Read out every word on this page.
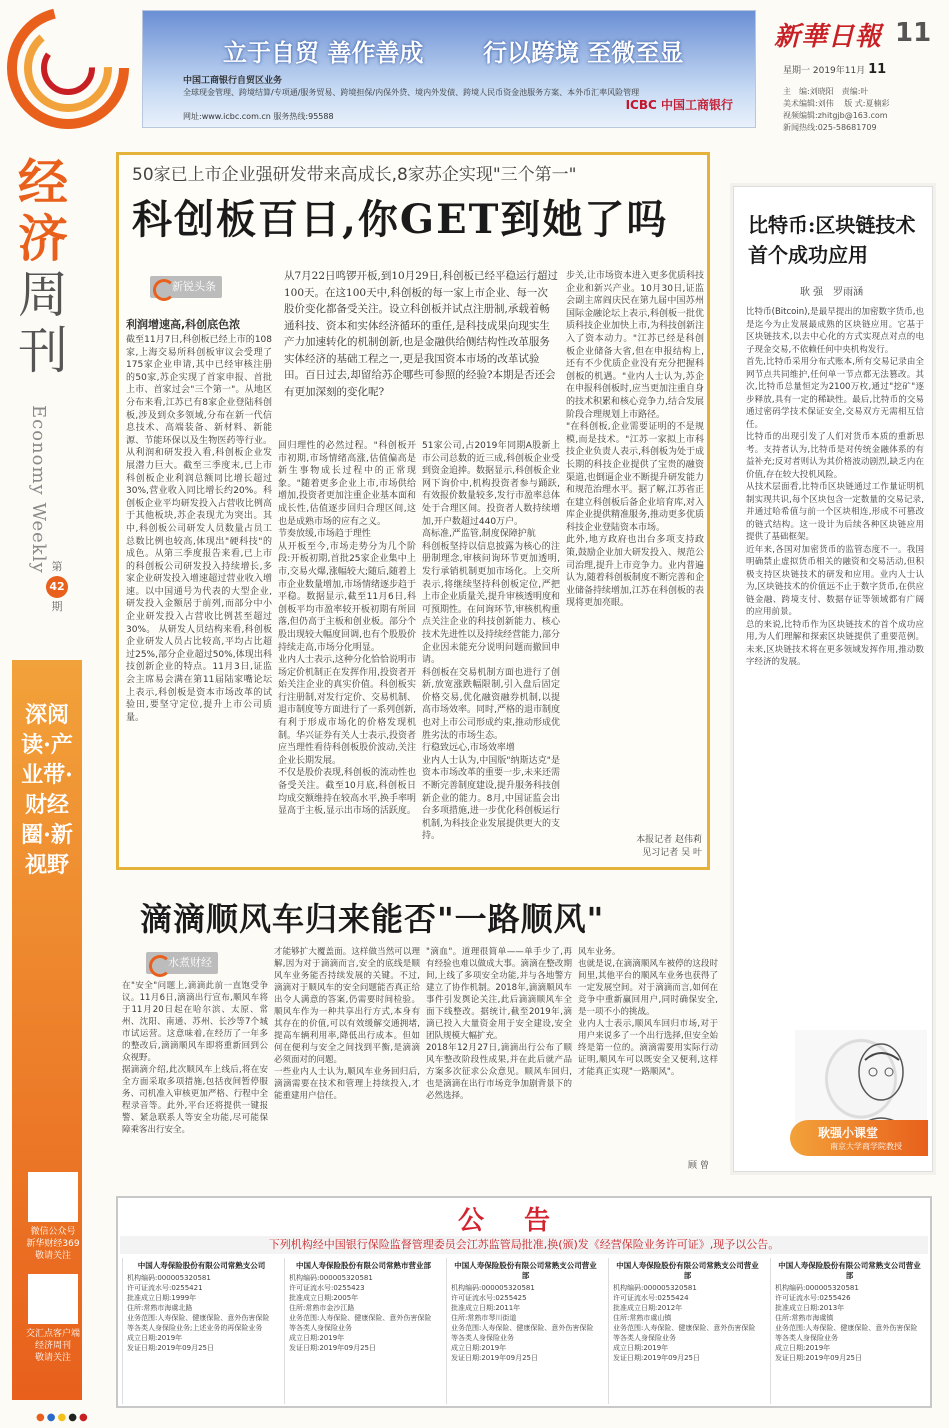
经济
周刊
Economy Weekly 第
42
期
深阅读·产业带·财经圈·新视野
微信公众号
新华财经369
敬请关注
交汇点客户端
经济周刊
敬请关注
立于自贸 善作善成 行以跨境 至微至显
中国工商银行自贸区业务
全球现金管理、跨境结算/专项通/服务贸易、跨境担保/内保外贷、境内外发债、跨境人民币资金池服务方案、本外币汇率风险管理
网址:www.icbc.com.cn 服务热线:95588
ICBC 中国工商银行
新華日報 11
星期一 2019年11月 11
主　编:刘晓阳　责编:叶
美术编辑:刘伟 　版 式:夏楠彩
视频编辑:zhitgjb@163.com
新闻热线:025-58681709
50家已上市企业强研发带来高成长,8家苏企实现"三个第一"
科创板百日,你GET到她了吗
新锐头条
从7月22日鸣锣开板,到10月29日,科创板已经平稳运行超过100天。在这100天中,科创板的每一家上市企业、每一次股价变化都备受关注。设立科创板并试点注册制,承载着畅通科技、资本和实体经济循环的重任,是科技成果向现实生产力加速转化的机制创新,也是金融供给侧结构性改革服务实体经济的基础工程之一,更是我国资本市场的改革试验田。百日过去,却留给苏企哪些可参照的经验?本期是否还会有更加深刻的变化呢?
利润增速高,科创底色浓
截至11月7日,科创板已经上市的108家,上海交易所科创板审议会受理了175家企业申请,其中已经审核注册的50家,苏企实现了首家申报、首批上市、首家过会"三个第一"。从地区分布来看,江苏已有8家企业登陆科创板,涉及到众多领域,分布在新一代信息技术、高端装备、新材料、新能源、节能环保以及生物医药等行业。从利润和研发投入看,科创板企业发展潜力巨大。截至三季度末,已上市科创板企业利润总额同比增长超过30%,营业收入同比增长约20%。科创板企业平均研发投入占营收比例高于其他板块,苏企表现尤为突出。其中,科创板公司研发人员数量占员工总数比例也较高,体现出"硬科技"的成色。从第三季度报告来看,已上市的科创板公司研发投入持续增长,多家企业研发投入增速超过营业收入增速。以中国通号为代表的大型企业,研发投入金额居于前列,而部分中小企业研发投入占营收比例甚至超过30%。 从研发人员结构来看,科创板企业研发人员占比较高,平均占比超过25%,部分企业超过50%,体现出科技创新企业的特点。11月3日,证监会主席易会满在第11届陆家嘴论坛上表示,科创板是资本市场改革的试验田,要坚守定位,提升上市公司质量。
回归理性的必然过程。"科创板开市初期,市场情绪高涨,估值偏高是新生事物成长过程中的正常现象。"随着更多企业上市,市场供给增加,投资者更加注重企业基本面和成长性,估值逐步回归合理区间,这也是成熟市场的应有之义。
节奏放缓,市场趋于理性
从开板至今,市场走势分为几个阶段:开板初期,首批25家企业集中上市,交易火爆,涨幅较大;随后,随着上市企业数量增加,市场情绪逐步趋于平稳。数据显示,截至11月6日,科创板平均市盈率较开板初期有所回落,但仍高于主板和创业板。部分个股出现较大幅度回调,也有个股股价持续走高,市场分化明显。
业内人士表示,这种分化恰恰说明市场定价机制正在发挥作用,投资者开始关注企业的真实价值。科创板实行注册制,对发行定价、交易机制、退市制度等方面进行了一系列创新,有利于形成市场化的价格发现机制。华兴证券有关人士表示,投资者应当理性看待科创板股价波动,关注企业长期发展。
不仅是股价表现,科创板的流动性也备受关注。截至10月底,科创板日均成交额维持在较高水平,换手率明显高于主板,显示出市场的活跃度。
51家公司,占2019年同期A股新上市公司总数的近三成,科创板企业受到资金追捧。数据显示,科创板企业网下询价中,机构投资者参与踊跃,有效报价数量较多,发行市盈率总体处于合理区间。投资者人数持续增加,开户数超过440万户。
高标准,严监管,制度保障护航
科创板坚持以信息披露为核心的注册制理念,审核问询环节更加透明,发行承销机制更加市场化。上交所表示,将继续坚持科创板定位,严把上市企业质量关,提升审核透明度和可预期性。在问询环节,审核机构重点关注企业的科技创新能力、核心技术先进性以及持续经营能力,部分企业因未能充分说明问题而撤回申请。
科创板在交易机制方面也进行了创新,放宽涨跌幅限制,引入盘后固定价格交易,优化融资融券机制,以提高市场效率。同时,严格的退市制度也对上市公司形成约束,推动形成优胜劣汰的市场生态。
行稳致远心,市场效率增
业内人士认为,中国版"纳斯达克"是资本市场改革的重要一步,未来还需不断完善制度建设,提升服务科技创新企业的能力。8月,中国证监会出台多项措施,进一步优化科创板运行机制,为科技企业发展提供更大的支持。
步关,让市场资本进入更多优质科技企业和新兴产业。10月30日,证监会副主席阎庆民在第九届中国苏州国际金融论坛上表示,科创板一批优质科技企业加快上市,为科技创新注入了资本动力。"江苏已经是科创板企业储备大省,但在申报结构上,还有不少优质企业没有充分把握科创板的机遇。"业内人士认为,苏企在申报科创板时,应当更加注重自身的技术积累和核心竞争力,结合发展阶段合理规划上市路径。
"在科创板,企业需要证明的不是规模,而是技术。"江苏一家拟上市科技企业负责人表示,科创板为处于成长期的科技企业提供了宝贵的融资渠道,也倒逼企业不断提升研发能力和规范治理水平。据了解,江苏省正在建立科创板后备企业培育库,对入库企业提供精准服务,推动更多优质科技企业登陆资本市场。
此外,地方政府也出台多项支持政策,鼓励企业加大研发投入、规范公司治理,提升上市竞争力。业内普遍认为,随着科创板制度不断完善和企业储备持续增加,江苏在科创板的表现将更加亮眼。
本报记者 赵伟莉
见习记者 吴 叶
比特币:区块链技术首个成功应用
耿 强　罗雨涵
比特币(Bitcoin),是最早提出的加密数字货币,也是迄今为止发展最成熟的区块链应用。它基于区块链技术,以去中心化的方式实现点对点的电子现金交易,不依赖任何中央机构发行。
首先,比特币采用分布式账本,所有交易记录由全网节点共同维护,任何单一节点都无法篡改。其次,比特币总量恒定为2100万枚,通过"挖矿"逐步释放,具有一定的稀缺性。最后,比特币的交易通过密码学技术保证安全,交易双方无需相互信任。
比特币的出现引发了人们对货币本质的重新思考。支持者认为,比特币是对传统金融体系的有益补充;反对者则认为其价格波动剧烈,缺乏内在价值,存在较大投机风险。
从技术层面看,比特币区块链通过工作量证明机制实现共识,每个区块包含一定数量的交易记录,并通过哈希值与前一个区块相连,形成不可篡改的链式结构。这一设计为后续各种区块链应用提供了基础框架。
近年来,各国对加密货币的监管态度不一。我国明确禁止虚拟货币相关的融资和交易活动,但积极支持区块链技术的研发和应用。业内人士认为,区块链技术的价值远不止于数字货币,在供应链金融、跨境支付、数据存证等领域都有广阔的应用前景。
总的来说,比特币作为区块链技术的首个成功应用,为人们理解和探索区块链提供了重要范例。未来,区块链技术将在更多领域发挥作用,推动数字经济的发展。
耿强小课堂
南京大学商学院教授
滴滴顺风车归来能否"一路顺风"
水煮财经
在"安全"问题上,滴滴此前一直饱受争议。11月6日,滴滴出行宣布,顺风车将于11月20日起在哈尔滨、太原、常州、沈阳、南通、苏州、长沙等7个城市试运营。这意味着,在经历了一年多的整改后,滴滴顺风车即将重新回到公众视野。
据滴滴介绍,此次顺风车上线后,将在安全方面采取多项措施,包括夜间暂停服务、司机准入审核更加严格、行程中全程录音等。此外,平台还将提供一键报警、紧急联系人等安全功能,尽可能保障乘客出行安全。
才能够扩大覆盖面。这样做当然可以理解,因为对于滴滴而言,安全的底线是顺风车业务能否持续发展的关键。不过,滴滴对于顺风车的安全问题能否真正给出令人满意的答案,仍需要时间检验。顺风车作为一种共享出行方式,本身有其存在的价值,可以有效缓解交通拥堵,提高车辆利用率,降低出行成本。但如何在便利与安全之间找到平衡,是滴滴必须面对的问题。
一些业内人士认为,顺风车业务回归后,滴滴需要在技术和管理上持续投入,才能重建用户信任。
"滴血"。道理很简单——单手少了,再有经验也难以做成大事。滴滴在整改期间,上线了多项安全功能,并与各地警方建立了协作机制。2018年,滴滴顺风车事件引发舆论关注,此后滴滴顺风车全面下线整改。据统计,截至2019年,滴滴已投入大量资金用于安全建设,安全团队规模大幅扩充。
2018年12月27日,滴滴出行公布了顺风车整改阶段性成果,并在此后就产品方案多次征求公众意见。顺风车回归,也是滴滴在出行市场竞争加剧背景下的必然选择。
风车业务。
也就是说,在滴滴顺风车被停的这段时间里,其他平台的顺风车业务也获得了一定发展空间。对于滴滴而言,如何在竞争中重新赢回用户,同时确保安全,是一项不小的挑战。
业内人士表示,顺风车回归市场,对于用户来说多了一个出行选择,但安全始终是第一位的。滴滴需要用实际行动证明,顺风车可以既安全又便利,这样才能真正实现"一路顺风"。
顾 曾
公告
下列机构经中国银行保险监督管理委员会江苏监管局批准,换(颁)发《经营保险业务许可证》,现予以公告。
中国人寿保险股份有限公司常熟支公司
机构编码:000005320581
许可证流水号:0255421
批准成立日期:1999年
住所:常熟市海虞北路
业务范围:人寿保险、健康保险、意外伤害保险等各类人身保险业务;上述业务的再保险业务
成立日期:2019年
发证日期:2019年09月25日
中国人寿保险股份有限公司常熟市营业部
机构编码:000005320581
许可证流水号:0255423
批准成立日期:2005年
住所:常熟市金沙江路
业务范围:人寿保险、健康保险、意外伤害保险等各类人身保险业务
成立日期:2019年
发证日期:2019年09月25日
中国人寿保险股份有限公司常熟支公司营业部
机构编码:000005320581
许可证流水号:0255425
批准成立日期:2011年
住所:常熟市琴川街道
业务范围:人寿保险、健康保险、意外伤害保险等各类人身保险业务
成立日期:2019年
发证日期:2019年09月25日
中国人寿保险股份有限公司常熟支公司营业部
机构编码:000005320581
许可证流水号:0255424
批准成立日期:2012年
住所:常熟市虞山镇
业务范围:人寿保险、健康保险、意外伤害保险等各类人身保险业务
成立日期:2019年
发证日期:2019年09月25日
中国人寿保险股份有限公司常熟支公司营业部
机构编码:000005320581
许可证流水号:0255426
批准成立日期:2013年
住所:常熟市海虞镇
业务范围:人寿保险、健康保险、意外伤害保险等各类人身保险业务
成立日期:2019年
发证日期:2019年09月25日
●●●●●
